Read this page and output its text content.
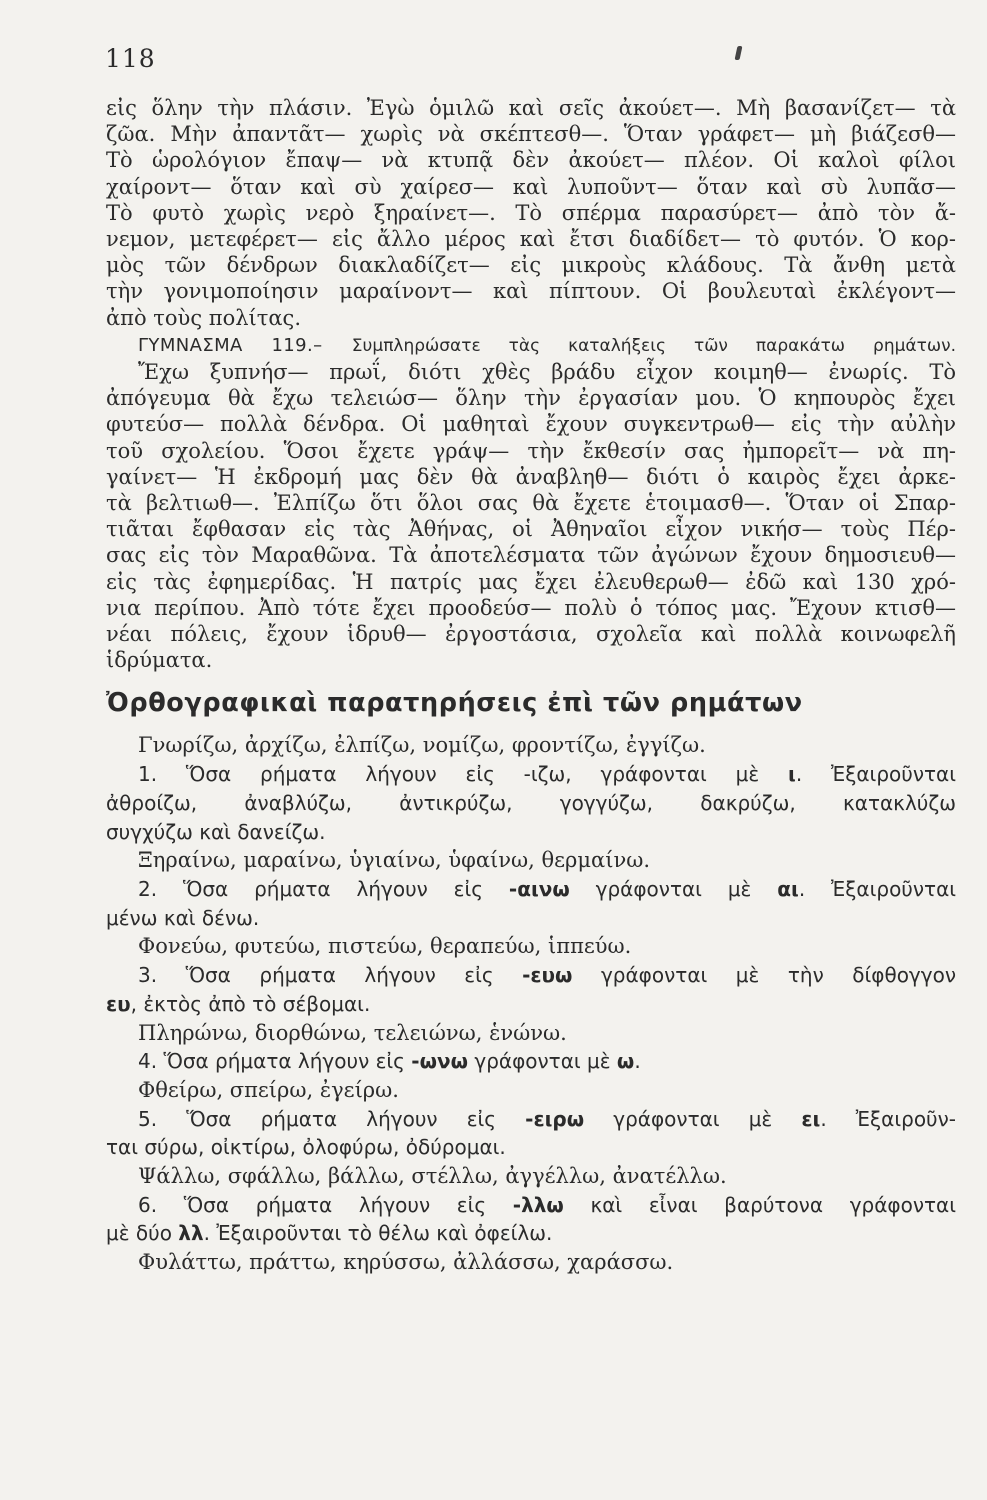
118

εἰς ὅλην τὴν πλάσιν. Ἐγὼ ὁμιλῶ καὶ σεῖς ἀκούετ—. Μὴ βασανίζετ— τὰ

ζῶα. Μὴν ἀπαντᾶτ— χωρὶς νὰ σκέπτεσθ—. Ὅταν γράφετ— μὴ βιάζεσθ—

Τὸ ὡρολόγιον ἔπαψ— νὰ κτυπᾷ δὲν ἀκούετ— πλέον. Οἱ καλοὶ φίλοι

χαίροντ— ὅταν καὶ σὺ χαίρεσ— καὶ λυποῦντ— ὅταν καὶ σὺ λυπᾶσ—

Τὸ φυτὸ χωρὶς νερὸ ξηραίνετ—. Τὸ σπέρμα παρασύρετ— ἀπὸ τὸν ἄ-

νεμον, μετεφέρετ— εἰς ἄλλο μέρος καὶ ἔτσι διαδίδετ— τὸ φυτόν. Ὁ κορ-

μὸς τῶν δένδρων διακλαδίζετ— εἰς μικροὺς κλάδους. Τὰ ἄνθη μετὰ

τὴν γονιμοποίησιν μαραίνοντ— καὶ πίπτουν. Οἱ βουλευταὶ ἐκλέγοντ—

ἀπὸ τοὺς πολίτας.

ΓΥΜΝΑΣΜΑ 119.– Συμπληρώσατε τὰς καταλήξεις τῶν παρακάτω ρημάτων.

Ἔχω ξυπνήσ— πρωΐ, διότι χθὲς βράδυ εἶχον κοιμηθ— ἐνωρίς. Τὸ

ἀπόγευμα θὰ ἔχω τελειώσ— ὅλην τὴν ἐργασίαν μου. Ὁ κηπουρὸς ἔχει

φυτεύσ— πολλὰ δένδρα. Οἱ μαθηταὶ ἔχουν συγκεντρωθ— εἰς τὴν αὐλὴν

τοῦ σχολείου. Ὅσοι ἔχετε γράψ— τὴν ἔκθεσίν σας ἠμπορεῖτ— νὰ πη-

γαίνετ— Ἡ ἐκδρομή μας δὲν θὰ ἀναβληθ— διότι ὁ καιρὸς ἔχει ἀρκε-

τὰ βελτιωθ—. Ἐλπίζω ὅτι ὅλοι σας θὰ ἔχετε ἑτοιμασθ—. Ὅταν οἱ Σπαρ-

τιᾶται ἔφθασαν εἰς τὰς Ἀθήνας, οἱ Ἀθηναῖοι εἶχον νικήσ— τοὺς Πέρ-

σας εἰς τὸν Μαραθῶνα. Τὰ ἀποτελέσματα τῶν ἀγώνων ἔχουν δημοσιευθ—

εἰς τὰς ἐφημερίδας. Ἡ πατρίς μας ἔχει ἐλευθερωθ— ἐδῶ καὶ 130 χρό-

νια περίπου. Ἀπὸ τότε ἔχει προοδεύσ— πολὺ ὁ τόπος μας. Ἔχουν κτισθ—

νέαι πόλεις, ἔχουν ἱδρυθ— ἐργοστάσια, σχολεῖα καὶ πολλὰ κοινωφελῆ

ἱδρύματα.

Ὀρθογραφικαὶ παρατηρήσεις ἐπὶ τῶν ρημάτων

Γνωρίζω, ἀρχίζω, ἐλπίζω, νομίζω, φροντίζω, ἐγγίζω.

1. Ὅσα ρήματα λήγουν εἰς -ιζω, γράφονται μὲ ι. Ἐξαιροῦνται

ἀθροίζω, ἀναβλύζω, ἀντικρύζω, γογγύζω, δακρύζω, κατακλύζω

συγχύζω καὶ δανείζω.

Ξηραίνω, μαραίνω, ὑγιαίνω, ὑφαίνω, θερμαίνω.

2. Ὅσα ρήματα λήγουν εἰς -αινω γράφονται μὲ αι. Ἐξαιροῦνται

μένω καὶ δένω.

Φονεύω, φυτεύω, πιστεύω, θεραπεύω, ἱππεύω.

3. Ὅσα ρήματα λήγουν εἰς -ευω γράφονται μὲ τὴν δίφθογγον

ευ, ἐκτὸς ἀπὸ τὸ σέβομαι.

Πληρώνω, διορθώνω, τελειώνω, ἑνώνω.

4. Ὅσα ρήματα λήγουν εἰς -ωνω γράφονται μὲ ω.

Φθείρω, σπείρω, ἐγείρω.

5. Ὅσα ρήματα λήγουν εἰς -ειρω γράφονται μὲ ει. Ἐξαιροῦν-

ται σύρω, οἰκτίρω, ὀλοφύρω, ὀδύρομαι.

Ψάλλω, σφάλλω, βάλλω, στέλλω, ἀγγέλλω, ἀνατέλλω.

6. Ὅσα ρήματα λήγουν εἰς -λλω καὶ εἶναι βαρύτονα γράφονται

μὲ δύο λλ. Ἐξαιροῦνται τὸ θέλω καὶ ὀφείλω.

Φυλάττω, πράττω, κηρύσσω, ἀλλάσσω, χαράσσω.
